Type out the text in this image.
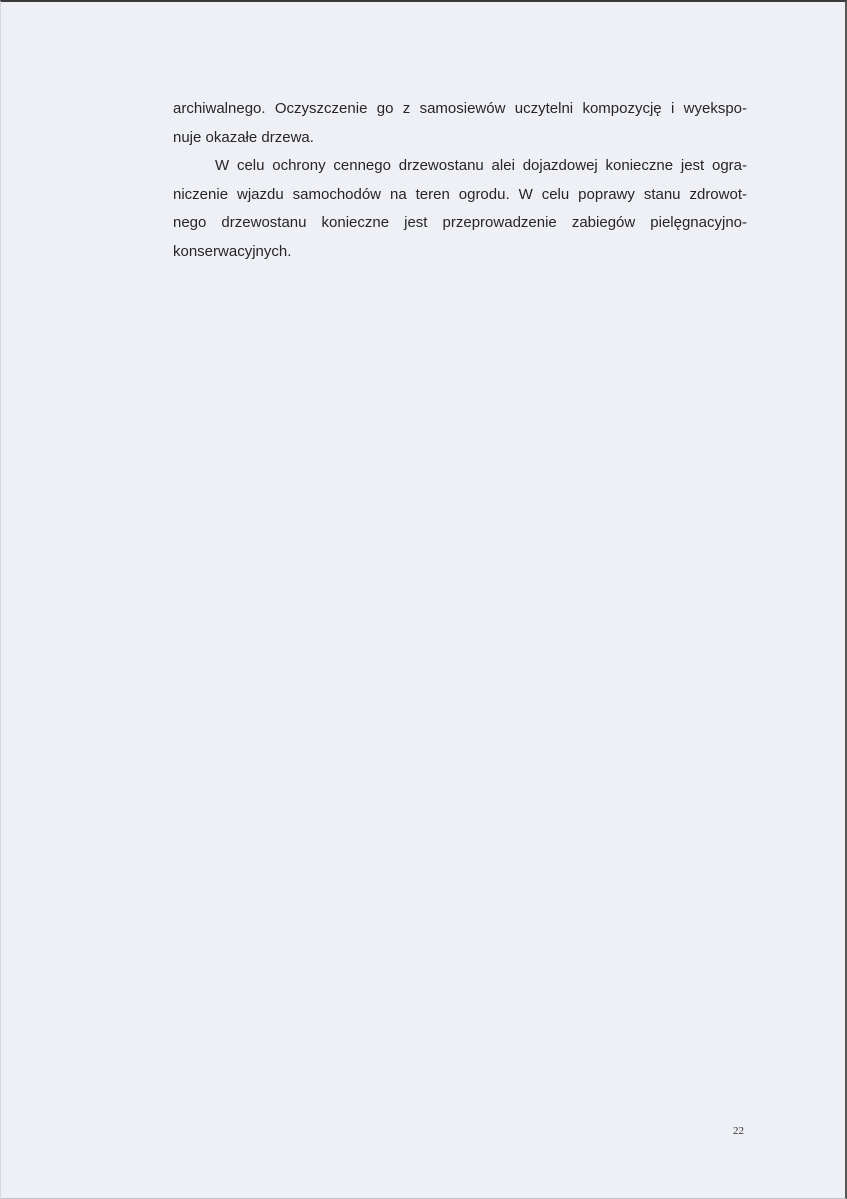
archiwalnego. Oczyszczenie go z samosiewów uczytelni kompozycję i wyekspo-
nuje okazałe drzewa.
W celu ochrony cennego drzewostanu alei dojazdowej konieczne jest ogra-
niczenie wjazdu samochodów na teren ogrodu. W celu poprawy stanu zdrowot-
nego drzewostanu konieczne jest przeprowadzenie zabiegów pielęgnacyjno-
konserwacyjnych.
22
